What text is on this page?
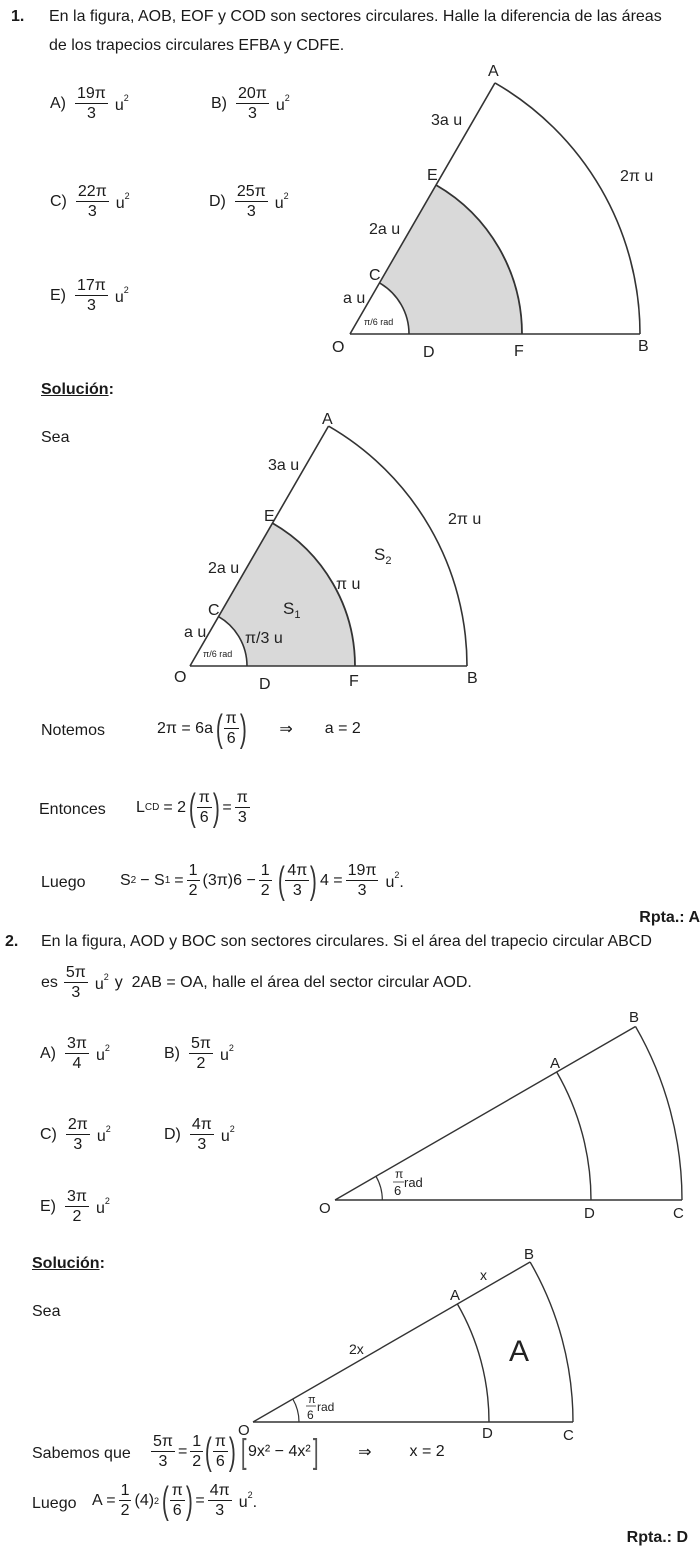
1. En la figura, AOB, EOF y COD son sectores circulares. Halle la diferencia de las áreas
de los trapecios circulares EFBA y CDFE.
$A) \frac{19\pi}{3} u^2$	$B) \frac{20\pi}{3} u^2$
$C) \frac{22\pi}{3} u^2$	$D) \frac{25\pi}{3} u^2$
$E) \frac{17\pi}{3} u^2$
A
B
C
D
E
F
O
3a u
2a u
a u
2π u
π/6 rad
Solución:
Sea
A
B
C
D
E
F
O
3a u
2a u
a u
2π u
π u
π/3 u
$S_1$
$S_2$
π/6 rad
Notemos	2π = 6a ( $\frac{\pi}{6}$ ) ⇒ a = 2
Entonces L CD = 2 ( $\frac{\pi}{6}$ ) = $\frac{\pi}{3}$
Luego S 2 − S $1 = \frac{1}{2} (3\pi)6 - \frac{1}{2}$ ( $\frac{4\pi}{3}$ ) $4 = \frac{19\pi}{3} u^2$.
Rpta.: A
2. En la figura, AOD y BOC son sectores circulares. Si el área del trapecio circular ABCD
es $\frac{5\pi}{3} u^2$ y  2AB = OA , halle el área del sector circular AOD.
$A) \frac{3\pi}{4} u^2$	$B) \frac{5\pi}{2} u^2$
$C) \frac{2\pi}{3} u^2$	$D) \frac{4\pi}{3} u^2$
$E) \frac{3\pi}{2} u^2$
B
A
O	D	C
π
6
rad
Solución:
Sea
B
A
O	D	C
2x
x
A
π
6
rad
Sabemos que $\frac{5\pi}{3} = \frac{1}{2}$ ( $\frac{\pi}{6}$ ) [ 9x² − 4x² ] ⇒ x = 2
Luego $A = \frac{1}{2} (4)$ 2 ( $\frac{\pi}{6}$ ) = $\frac{4\pi}{3} u^2$.
Rpta.: D
